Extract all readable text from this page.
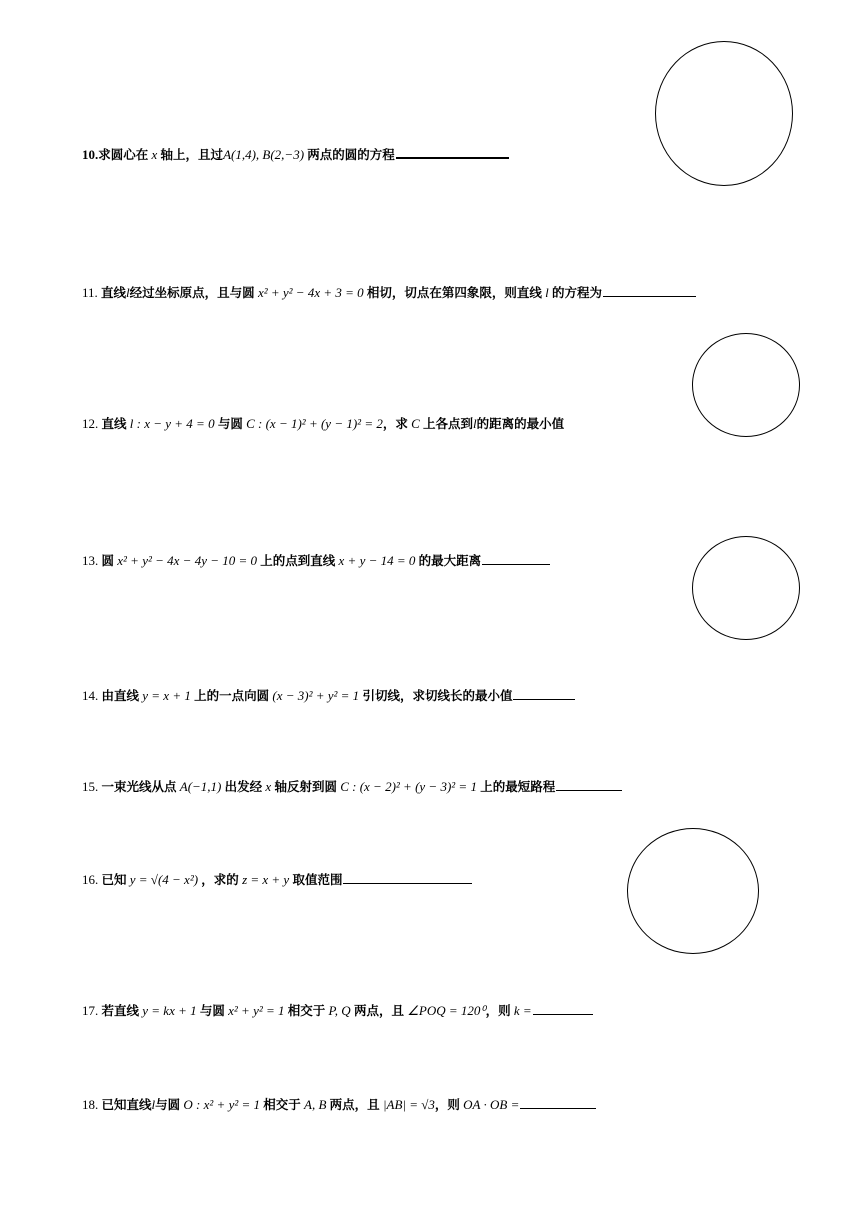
10.求圆心在 x 轴上，且过A(1,4), B(2,−3) 两点的圆的方程
11. 直线l经过坐标原点，且与圆 x² + y² − 4x + 3 = 0 相切，切点在第四象限，则直线 l 的方程为
12. 直线 l : x − y + 4 = 0 与圆 C : (x − 1)² + (y − 1)² = 2，求 C 上各点到l的距离的最小值
13. 圆 x² + y² − 4x − 4y − 10 = 0 上的点到直线 x + y − 14 = 0 的最大距离
14. 由直线 y = x + 1 上的一点向圆 (x − 3)² + y² = 1 引切线，求切线长的最小值
15. 一束光线从点 A(−1,1) 出发经 x 轴反射到圆 C : (x − 2)² + (y − 3)² = 1 上的最短路程
16. 已知 y = √(4 − x²) ，求的 z = x + y 取值范围
17. 若直线 y = kx + 1 与圆 x² + y² = 1 相交于 P, Q 两点，且 ∠POQ = 120⁰，则 k =
18. 已知直线l与圆 O : x² + y² = 1 相交于 A, B 两点，且 |AB| = √3，则 OA · OB =
